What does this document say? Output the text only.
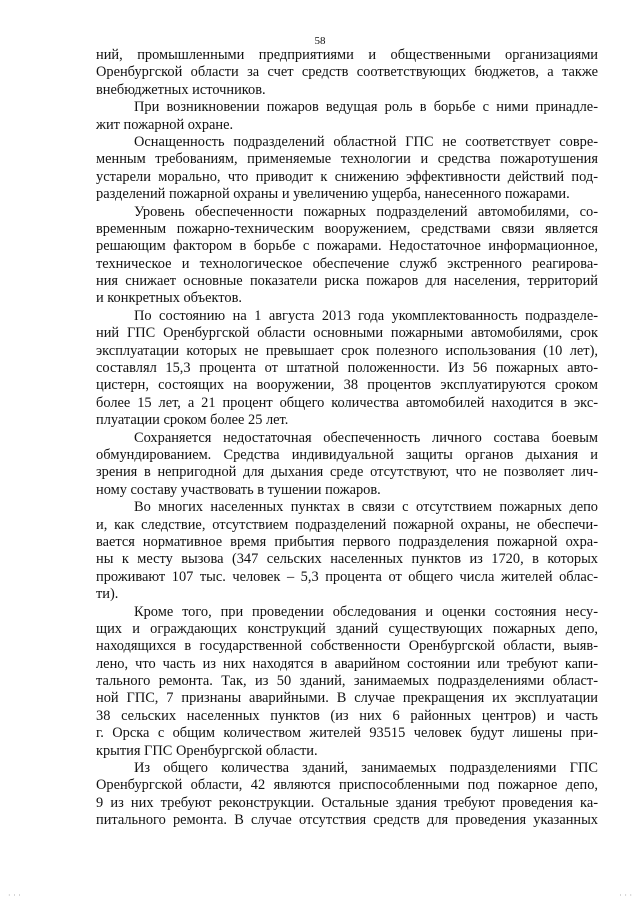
58
ний, промышленными предприятиями и общественными организациями
Оренбургской области за счет средств соответствующих бюджетов, а также
внебюджетных источников.
При возникновении пожаров ведущая роль в борьбе с ними принадле-
жит пожарной охране.
Оснащенность подразделений областной ГПС не соответствует совре-
менным требованиям, применяемые технологии и средства пожаротушения
устарели морально, что приводит к снижению эффективности действий под-
разделений пожарной охраны и увеличению ущерба, нанесенного пожарами.
Уровень обеспеченности пожарных подразделений автомобилями, со-
временным пожарно-техническим вооружением, средствами связи является
решающим фактором в борьбе с пожарами. Недостаточное информационное,
техническое и технологическое обеспечение служб экстренного реагирова-
ния снижает основные показатели риска пожаров для населения, территорий
и конкретных объектов.
По состоянию на 1 августа 2013 года укомплектованность подразделе-
ний ГПС Оренбургской области основными пожарными автомобилями, срок
эксплуатации которых не превышает срок полезного использования (10 лет),
составлял 15,3 процента от штатной положенности. Из 56 пожарных авто-
цистерн, состоящих на вооружении, 38 процентов эксплуатируются сроком
более 15 лет, а 21 процент общего количества автомобилей находится в экс-
плуатации сроком более 25 лет.
Сохраняется недостаточная обеспеченность личного состава боевым
обмундированием. Средства индивидуальной защиты органов дыхания и
зрения в непригодной для дыхания среде отсутствуют, что не позволяет лич-
ному составу участвовать в тушении пожаров.
Во многих населенных пунктах в связи с отсутствием пожарных депо
и, как следствие, отсутствием подразделений пожарной охраны, не обеспечи-
вается нормативное время прибытия первого подразделения пожарной охра-
ны к месту вызова (347 сельских населенных пунктов из 1720, в которых
проживают 107 тыс. человек – 5,3 процента от общего числа жителей облас-
ти).
Кроме того, при проведении обследования и оценки состояния несу-
щих и ограждающих конструкций зданий существующих пожарных депо,
находящихся в государственной собственности Оренбургской области, выяв-
лено, что часть из них находятся в аварийном состоянии или требуют капи-
тального ремонта. Так, из 50 зданий, занимаемых подразделениями област-
ной ГПС, 7 признаны аварийными. В случае прекращения их эксплуатации
38 сельских населенных пунктов (из них 6 районных центров) и часть
г. Орска с общим количеством жителей 93515 человек будут лишены при-
крытия ГПС Оренбургской области.
Из общего количества зданий, занимаемых подразделениями ГПС
Оренбургской области, 42 являются приспособленными под пожарное депо,
9 из них требуют реконструкции. Остальные здания требуют проведения ка-
питального ремонта. В случае отсутствия средств для проведения указанных
· · ·	· · ·
